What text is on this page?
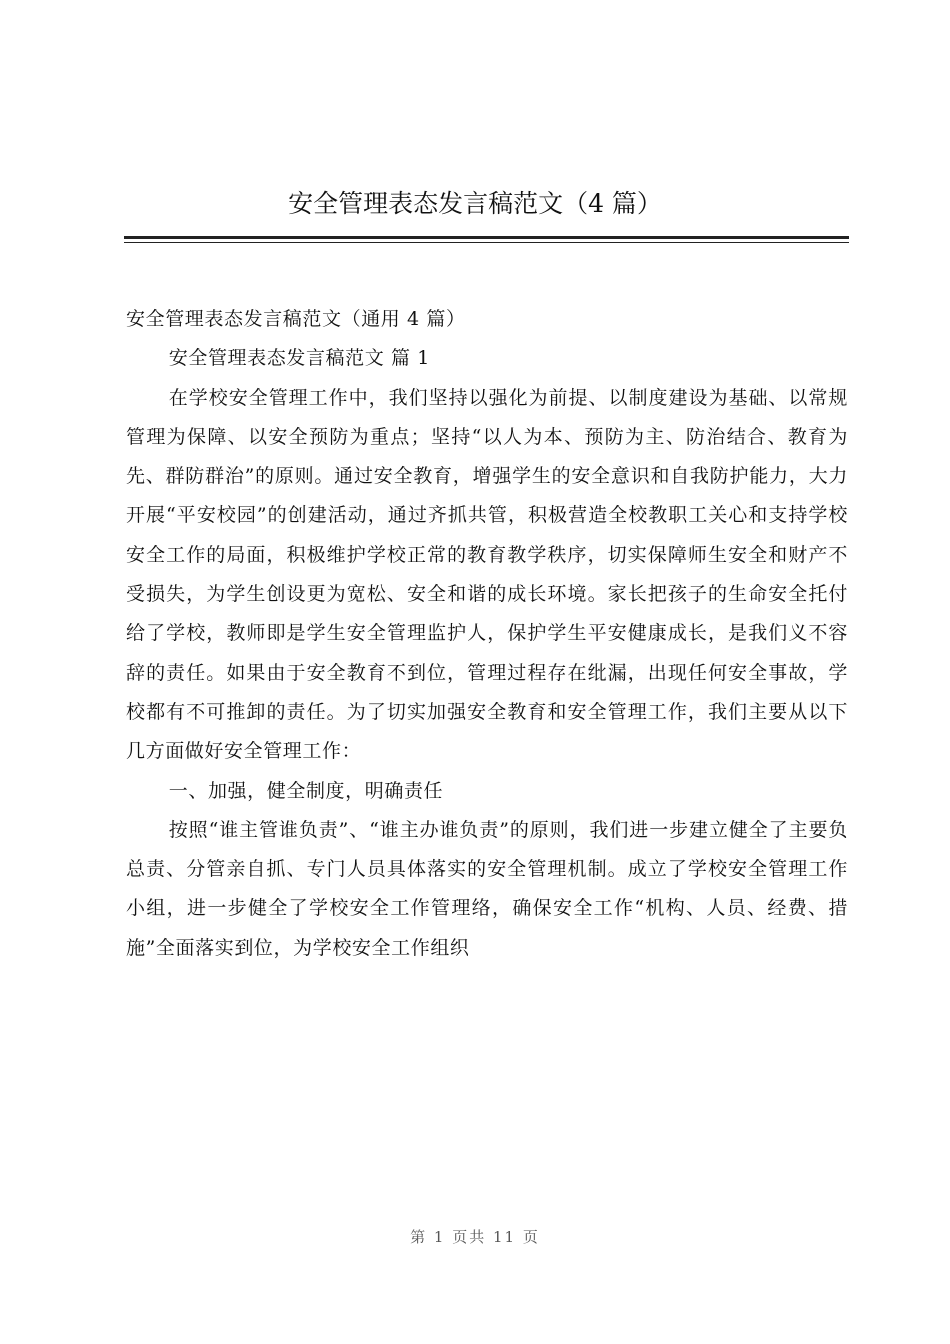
安全管理表态发言稿范文（4 篇）

安全管理表态发言稿范文（通用 4 篇）

安全管理表态发言稿范文 篇 1

在学校安全管理工作中，我们坚持以强化为前提、以制度建设为基础、以常规管理为保障、以安全预防为重点；坚持“以人为本、预防为主、防治结合、教育为先、群防群治”的原则。通过安全教育，增强学生的安全意识和自我防护能力，大力开展“平安校园”的创建活动，通过齐抓共管，积极营造全校教职工关心和支持学校安全工作的局面，积极维护学校正常的教育教学秩序，切实保障师生安全和财产不受损失，为学生创设更为宽松、安全和谐的成长环境。家长把孩子的生命安全托付给了学校，教师即是学生安全管理监护人，保护学生平安健康成长，是我们义不容辞的责任。如果由于安全教育不到位，管理过程存在纰漏，出现任何安全事故，学校都有不可推卸的责任。为了切实加强安全教育和安全管理工作，我们主要从以下几方面做好安全管理工作：

一、加强，健全制度，明确责任

按照“谁主管谁负责”、“谁主办谁负责”的原则，我们进一步建立健全了主要负总责、分管亲自抓、专门人员具体落实的安全管理机制。成立了学校安全管理工作小组，进一步健全了学校安全工作管理络，确保安全工作“机构、人员、经费、措施”全面落实到位，为学校安全工作组织

第 1 页共 11 页
